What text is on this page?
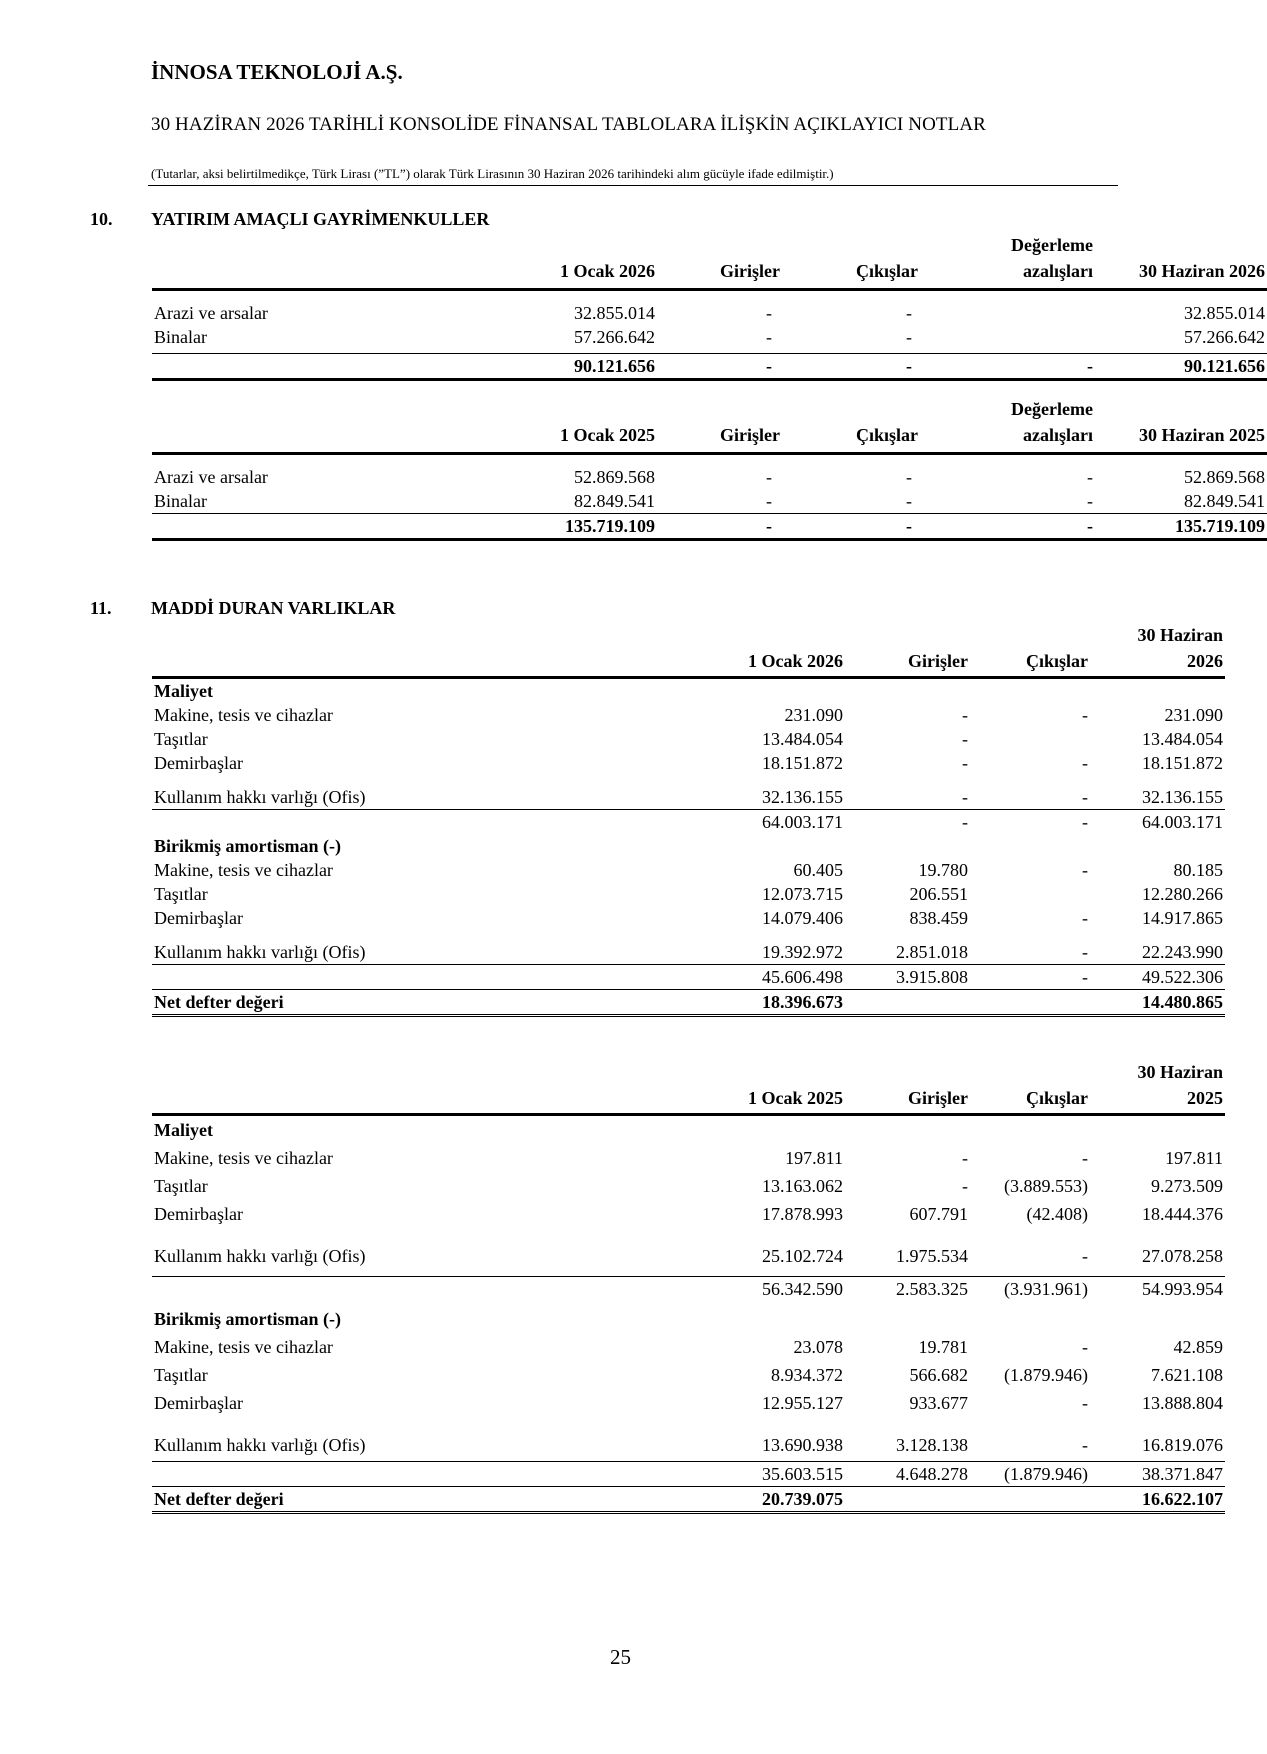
İNNOSA TEKNOLOJİ A.Ş.
30 HAZİRAN 2026 TARİHLİ KONSOLİDE FİNANSAL TABLOLARA İLİŞKİN AÇIKLAYICI NOTLAR
(Tutarlar, aksi belirtilmedikçe, Türk Lirası (”TL”) olarak Türk Lirasının 30 Haziran 2026 tarihindeki alım gücüyle ifade edilmiştir.)
10. YATIRIM AMAÇLI GAYRİMENKULLER
				Değerleme	
	1 Ocak 2026	Girişler	Çıkışlar	azalışları	30 Haziran 2026
Arazi ve arsalar	32.855.014	-	-		32.855.014
Binalar	57.266.642	-	-		57.266.642
	90.121.656	-	-	-	90.121.656
				Değerleme	
	1 Ocak 2025	Girişler	Çıkışlar	azalışları	30 Haziran 2025
Arazi ve arsalar	52.869.568	-	-	-	52.869.568
Binalar	82.849.541	-	-	-	82.849.541
	135.719.109	-	-	-	135.719.109
11. MADDİ DURAN VARLIKLAR
				30 Haziran
	1 Ocak 2026	Girişler	Çıkışlar	2026
Maliyet				
Makine, tesis ve cihazlar	231.090	-	-	231.090
Taşıtlar	13.484.054	-		13.484.054
Demirbaşlar	18.151.872	-	-	18.151.872
Kullanım hakkı varlığı (Ofis)	32.136.155	-	-	32.136.155
	64.003.171	-	-	64.003.171
Birikmiş amortisman (-)				
Makine, tesis ve cihazlar	60.405	19.780	-	80.185
Taşıtlar	12.073.715	206.551		12.280.266
Demirbaşlar	14.079.406	838.459	-	14.917.865
Kullanım hakkı varlığı (Ofis)	19.392.972	2.851.018	-	22.243.990
	45.606.498	3.915.808	-	49.522.306
Net defter değeri	18.396.673			14.480.865
				30 Haziran
	1 Ocak 2025	Girişler	Çıkışlar	2025
Maliyet				
Makine, tesis ve cihazlar	197.811	-	-	197.811
Taşıtlar	13.163.062	-	(3.889.553)	9.273.509
Demirbaşlar	17.878.993	607.791	(42.408)	18.444.376
Kullanım hakkı varlığı (Ofis)	25.102.724	1.975.534	-	27.078.258
	56.342.590	2.583.325	(3.931.961)	54.993.954
Birikmiş amortisman (-)				
Makine, tesis ve cihazlar	23.078	19.781	-	42.859
Taşıtlar	8.934.372	566.682	(1.879.946)	7.621.108
Demirbaşlar	12.955.127	933.677	-	13.888.804
Kullanım hakkı varlığı (Ofis)	13.690.938	3.128.138	-	16.819.076
	35.603.515	4.648.278	(1.879.946)	38.371.847
Net defter değeri	20.739.075			16.622.107
25
